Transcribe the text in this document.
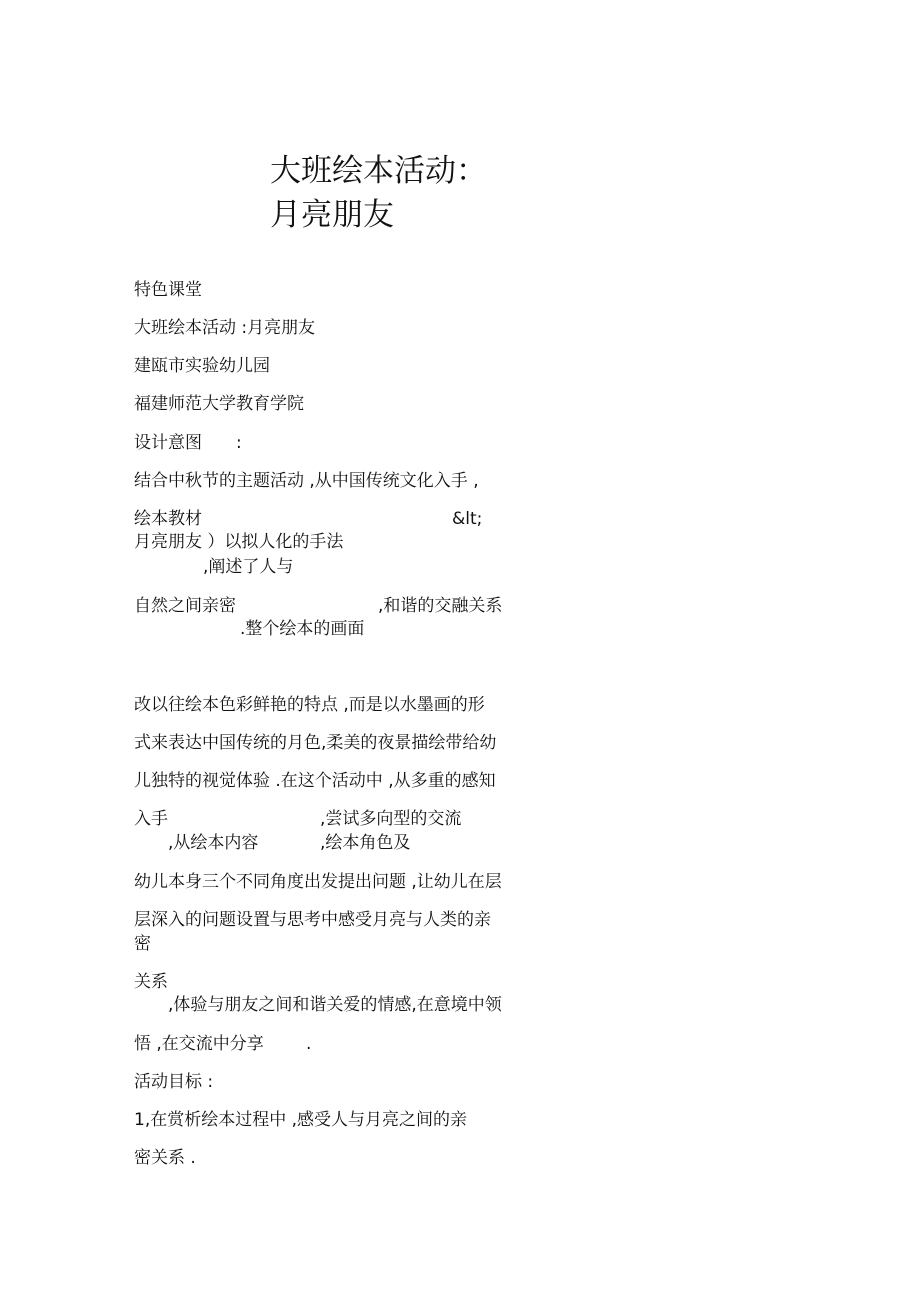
大班绘本活动：
月亮朋友
特色课堂
大班绘本活动 :月亮朋友
建瓯市实验幼儿园
福建师范大学教育学院
设计意图 :
结合中秋节的主题活动 ,从中国传统文化入手 ,
绘本教材	&lt;
月亮朋友 ）以拟人化的手法
,阐述了人与
自然之间亲密	,和谐的交融关系
.整个绘本的画面
改以往绘本色彩鲜艳的特点 ,而是以水墨画的形
式来表达中国传统的月色,柔美的夜景描绘带给幼
儿独特的视觉体验 .在这个活动中 ,从多重的感知
入手	,尝试多向型的交流
,从绘本内容	,绘本角色及
幼儿本身三个不同角度出发提出问题 ,让幼儿在层
层深入的问题设置与思考中感受月亮与人类的亲
密
关系
,体验与朋友之间和谐关爱的情感,在意境中领
悟 ,在交流中分享 .
活动目标 :
1,在赏析绘本过程中 ,感受人与月亮之间的亲
密关系 .
